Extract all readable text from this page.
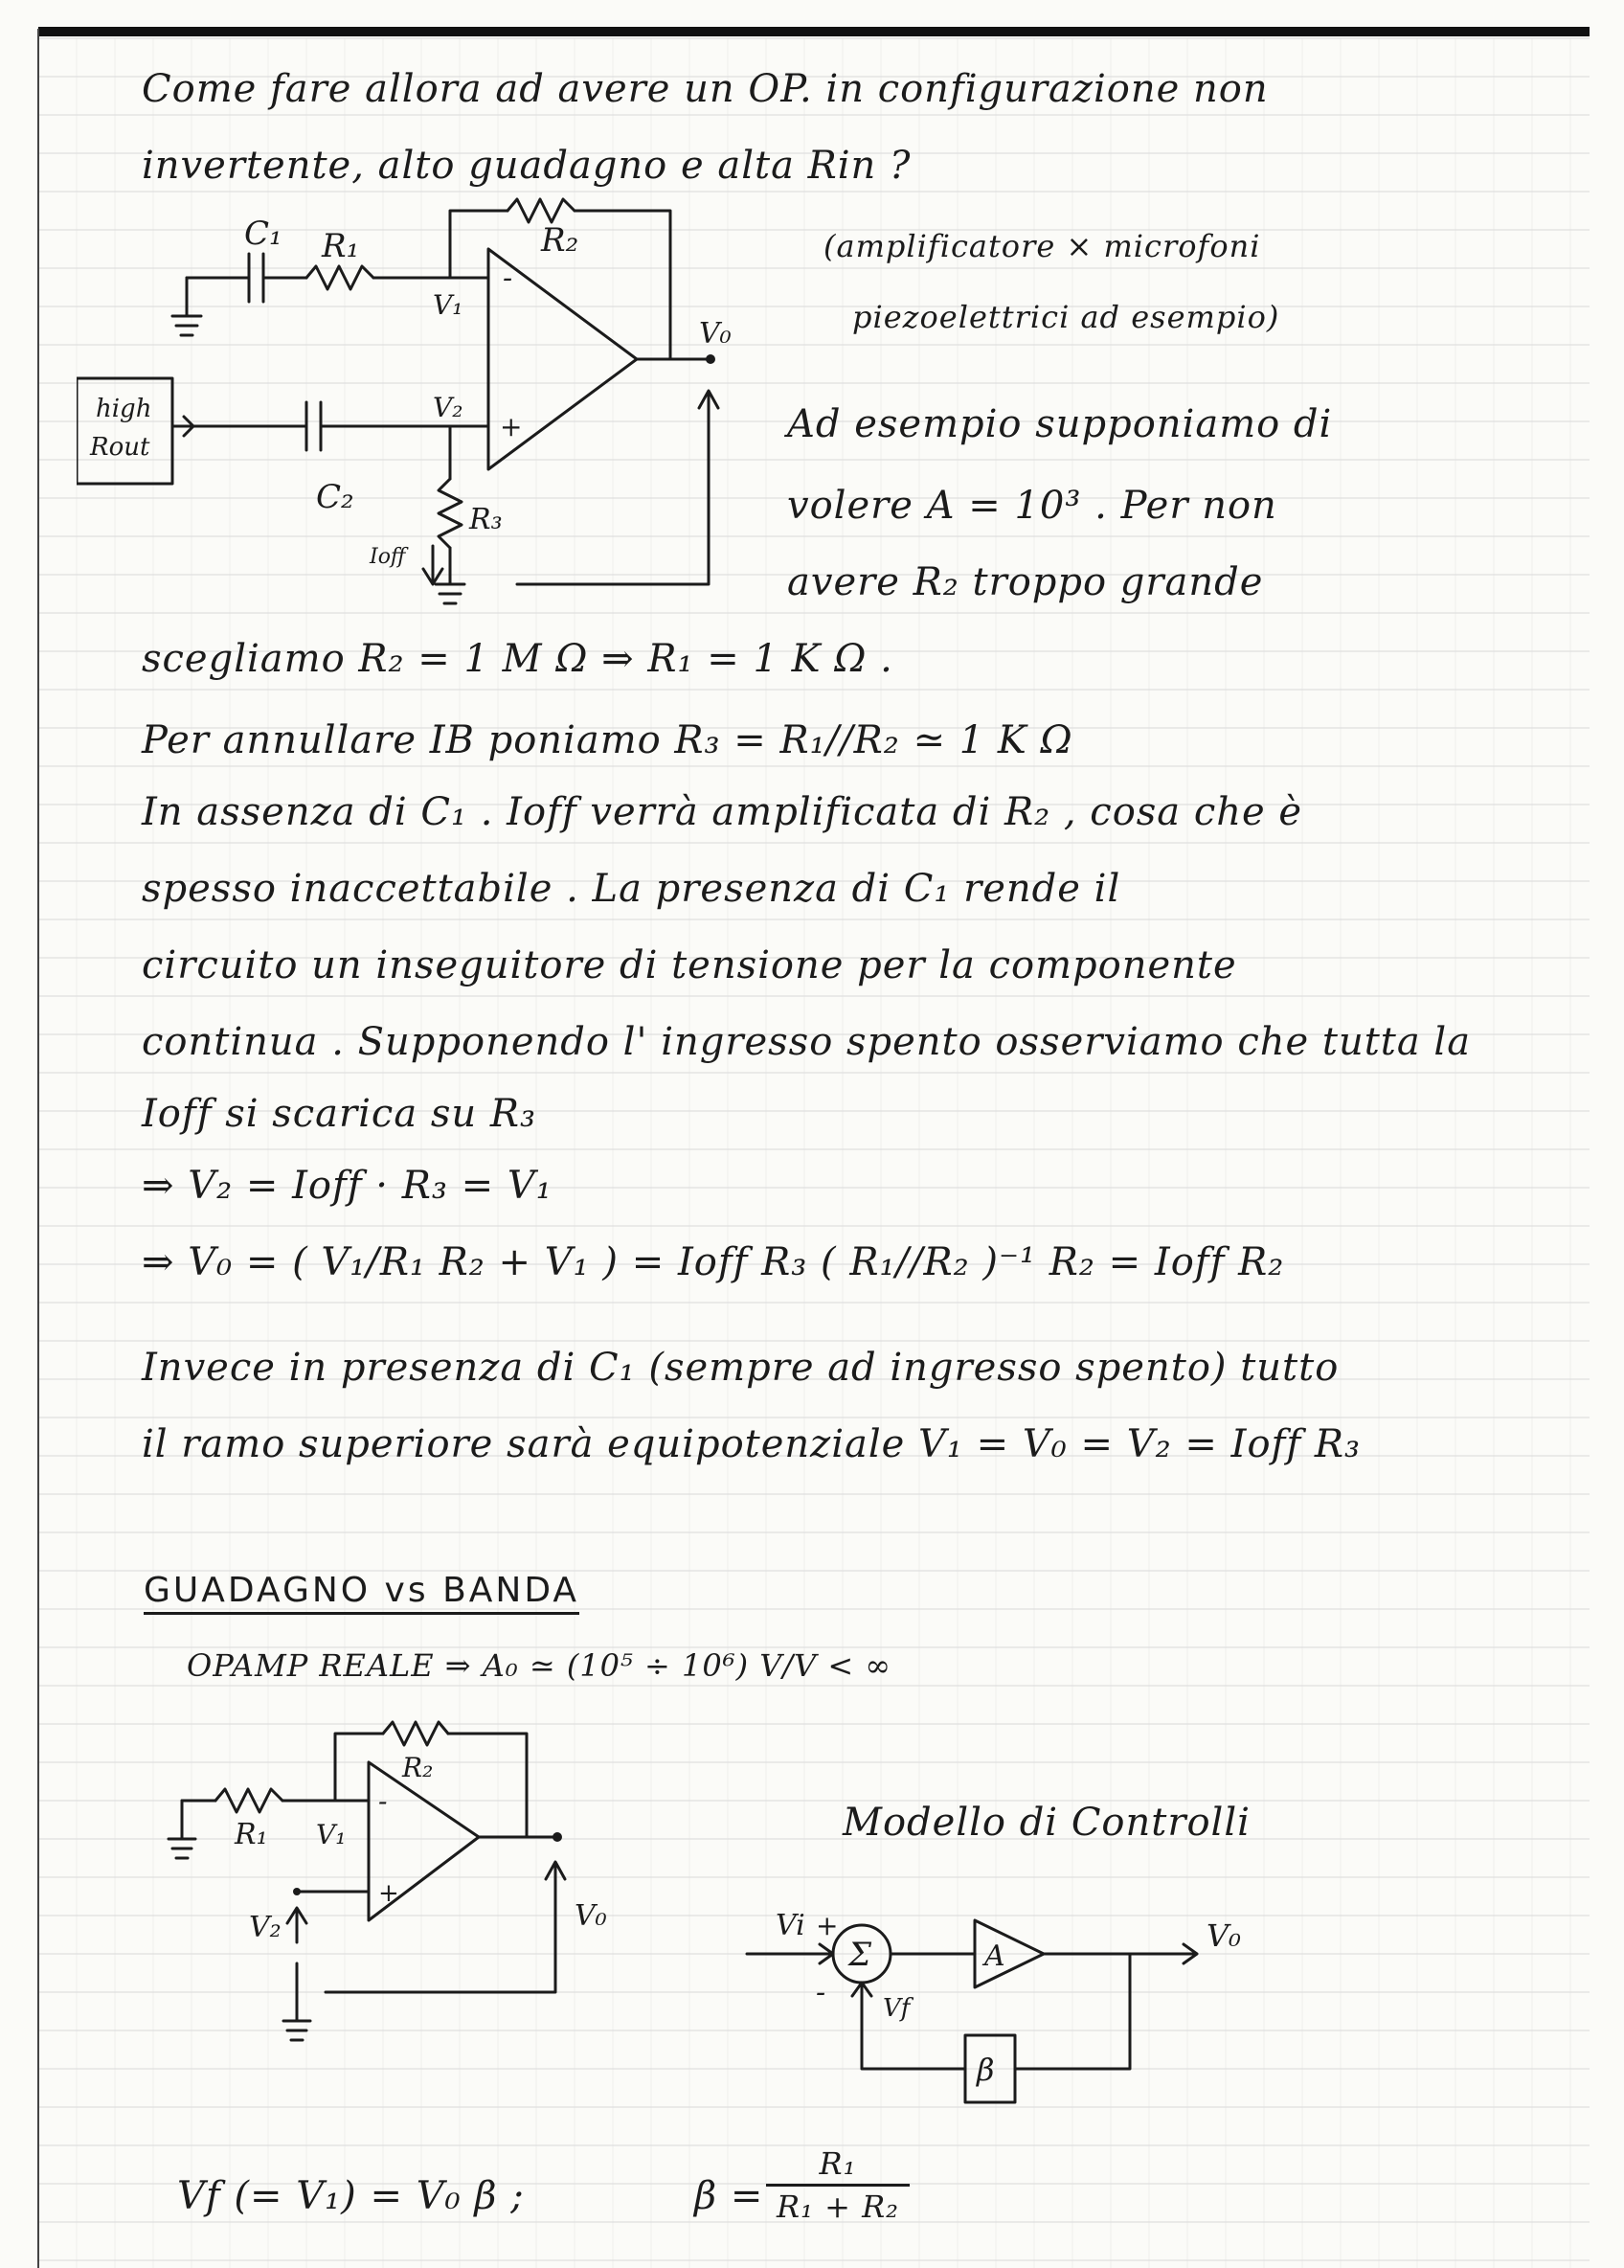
Come fare allora ad avere un OP. in configurazione non
invertente, alto guadagno e alta Rin ?
(amplificatore × microfoni
piezoelettrici ad esempio)
Ad esempio supponiamo di
volere A = 10³ . Per non
avere R₂ troppo grande
C₁ R₁	R₂
V₁
V₂
V₀
R₃
C₂
Ioff
-
+
high
Rout
scegliamo R₂ = 1 M Ω ⇒ R₁ = 1 K Ω .
Per annullare IB poniamo R₃ = R₁//R₂ ≃ 1 K Ω
In assenza di C₁ . Ioff verrà amplificata di R₂ , cosa che è
spesso inaccettabile . La presenza di C₁ rende il
circuito un inseguitore di tensione per la componente
continua . Supponendo l' ingresso spento osserviamo che tutta la
Ioff si scarica su R₃
⇒ V₂ = Ioff · R₃ = V₁
⇒ V₀ = ( V₁/R₁ R₂ + V₁ ) = Ioff R₃ ( R₁//R₂ )⁻¹ R₂ = Ioff R₂
Invece in presenza di C₁ (sempre ad ingresso spento) tutto
il ramo superiore sarà equipotenziale V₁ = V₀ = V₂ = Ioff R₃
GUADAGNO vs BANDA
OPAMP REALE ⇒ A₀ ≃ (10⁵ ÷ 10⁶) V/V < ∞
Modello di Controlli
R₂
R₁ V₁
V₂	V₀
-
+
Vi +
-
Σ	A
Vf
β
V₀
Vf (= V₁) = V₀ β ;	β =
R₁
R₁ + R₂
